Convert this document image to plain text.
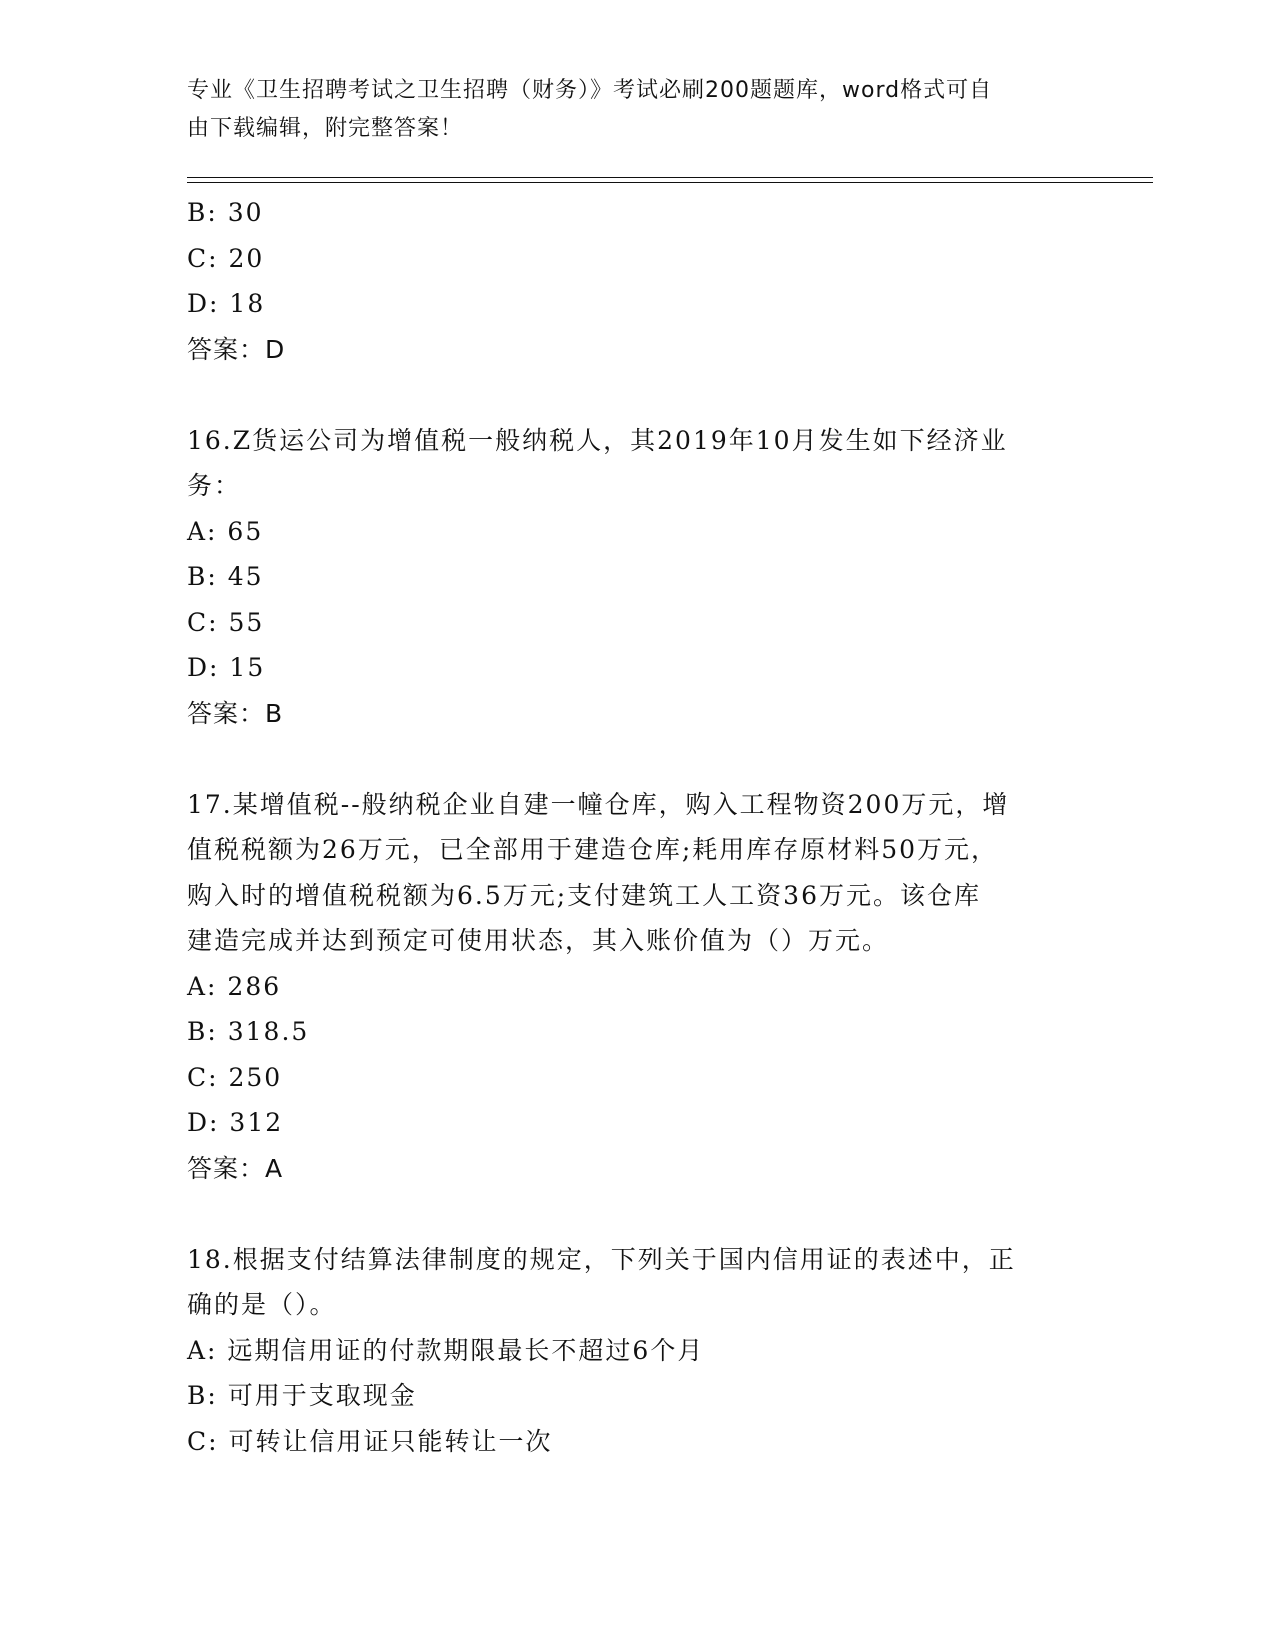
专业《卫生招聘考试之卫生招聘（财务）》考试必刷200题题库，word格式可自
由下载编辑，附完整答案！
B: 30
C: 20
D: 18
答案：D
16.Z货运公司为增值税一般纳税人，其2019年10月发生如下经济业
务：
A: 65
B: 45
C: 55
D: 15
答案：B
17.某增值税--般纳税企业自建一幢仓库，购入工程物资200万元，增
值税税额为26万元，已全部用于建造仓库;耗用库存原材料50万元，
购入时的增值税税额为6.5万元;支付建筑工人工资36万元。该仓库
建造完成并达到预定可使用状态，其入账价值为（）万元。
A: 286
B: 318.5
C: 250
D: 312
答案：A
18.根据支付结算法律制度的规定，下列关于国内信用证的表述中，正
确的是（）。
A: 远期信用证的付款期限最长不超过6个月
B: 可用于支取现金
C: 可转让信用证只能转让一次
